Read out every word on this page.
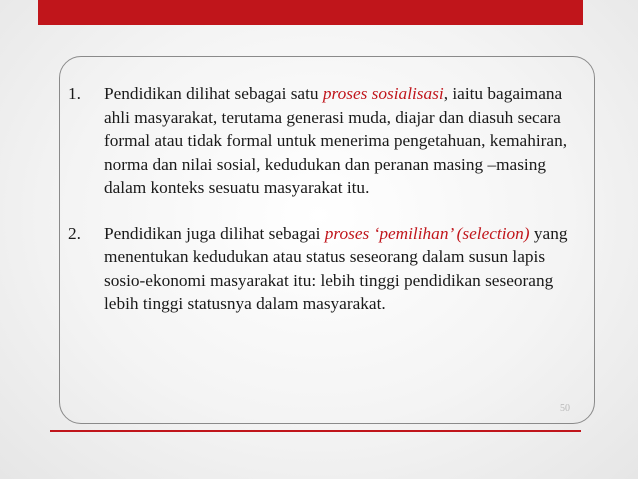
1.	Pendidikan dilihat sebagai satu proses sosialisasi, iaitu bagaimana ahli masyarakat, terutama generasi muda, diajar dan diasuh secara formal atau tidak formal untuk menerima pengetahuan, kemahiran, norma dan nilai sosial, kedudukan dan peranan masing –masing dalam konteks sesuatu masyarakat itu.

2.	Pendidikan juga dilihat sebagai proses ‘pemilihan’ (selection) yang menentukan kedudukan atau status seseorang dalam susun lapis sosio-ekonomi masyarakat itu: lebih tinggi pendidikan seseorang lebih tinggi statusnya dalam masyarakat.

50
